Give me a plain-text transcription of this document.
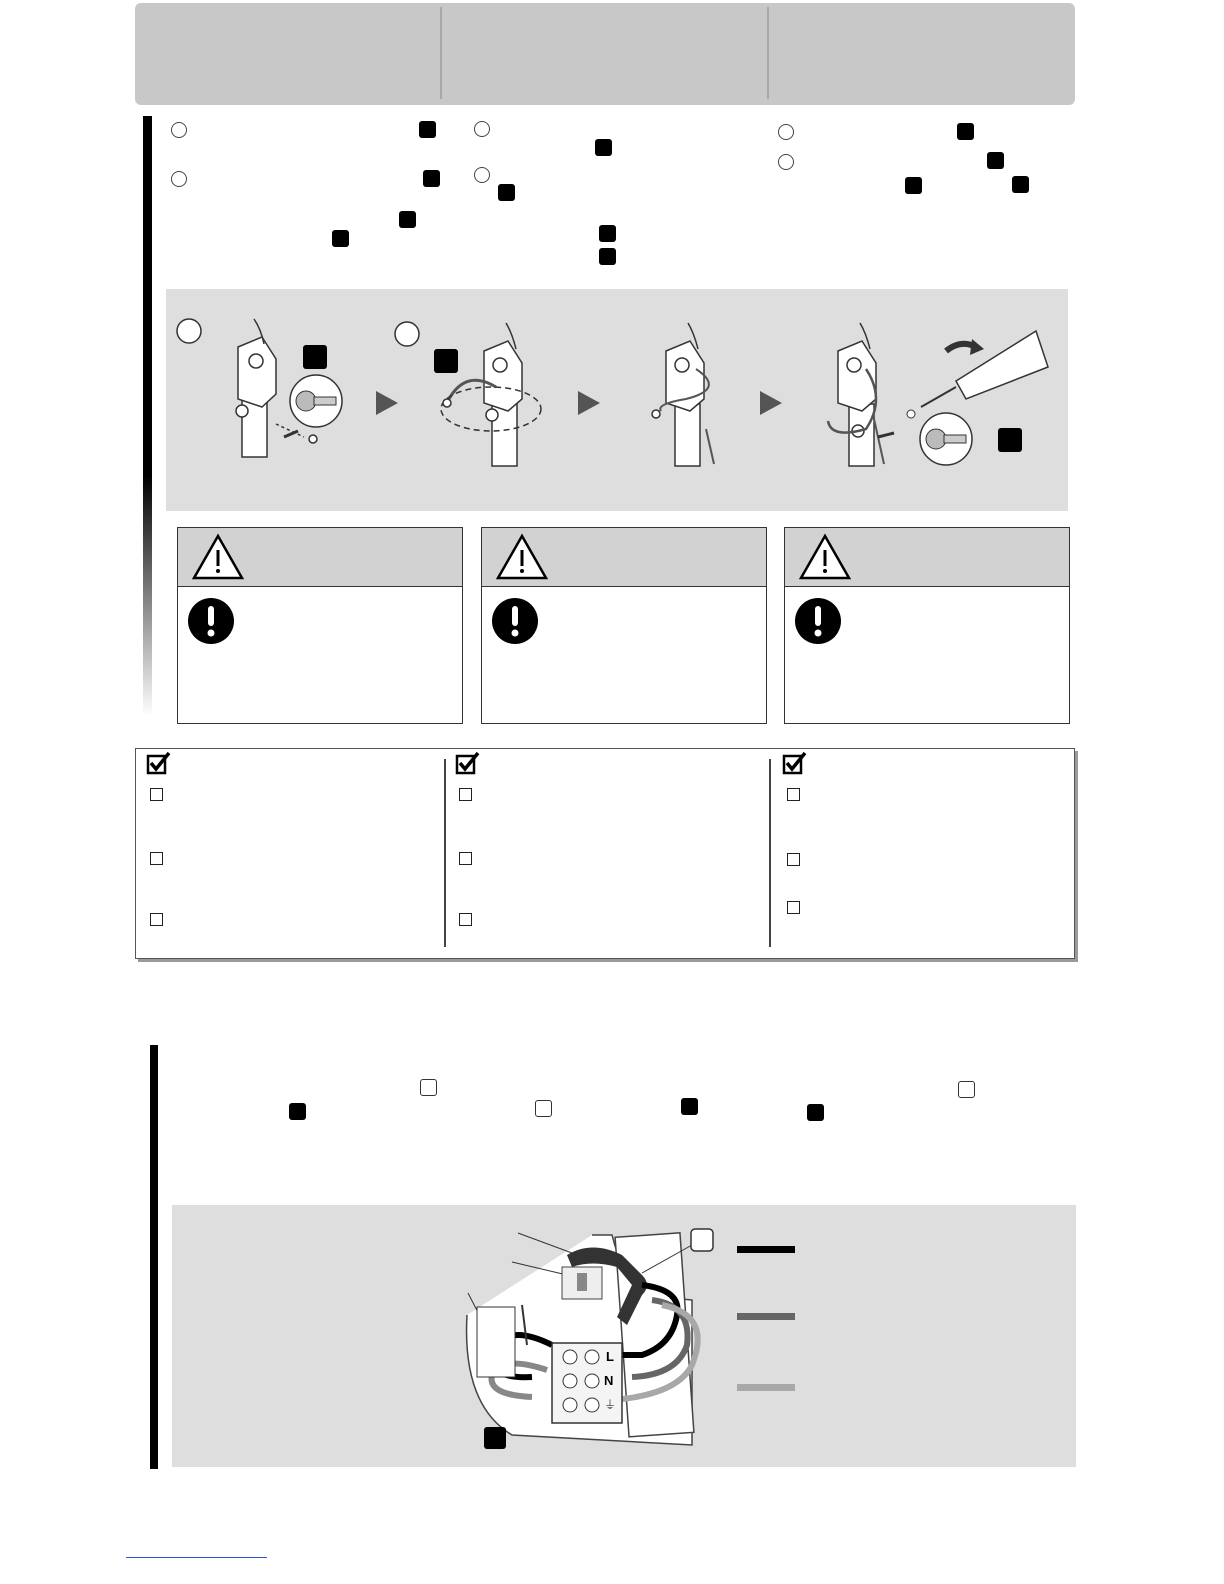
L
N
⏚
